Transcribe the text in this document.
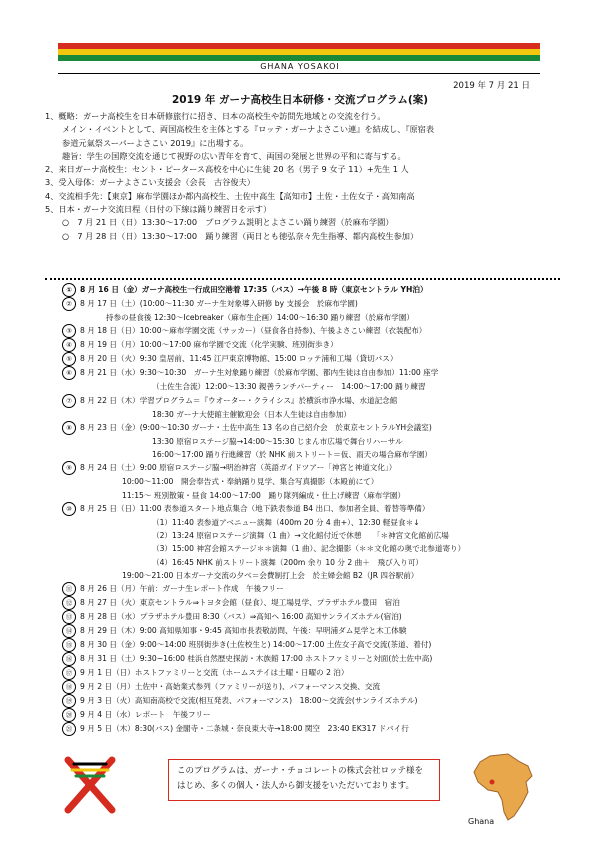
GHANA YOSAKOI
2019 年 7 月 21 日
2019 年 ガーナ高校生日本研修・交流プログラム(案)

1、概略：ガーナ高校生を日本研修旅行に招き、日本の高校生や訪問先地域との交流を行う。

メイン・イベントとして、両国高校生を主体とする『ロッテ・ガーナよさこい連』を結成し、『原宿表

参道元氣祭スーパーよさこい 2019』に出場する。

趣旨：学生の国際交流を通じて視野の広い青年を育て、両国の発展と世界の平和に寄与する。

2、来日ガーナ高校生：セント・ピータース高校を中心に生徒 20 名（男子 9 女子 11）+先生 1 人

3、受入母体：ガーナよさこい支援会（会長　古谷俊夫）

4、交流相手先：【東京】麻布学園ほか都内高校生、土佐中高生【高知市】土佐・土佐女子・高知南高

5、日本・ガーナ交流日程（日付の下線は踊り練習日を示す）

○　7 月 21 日（日）13:30～17:00　プログラム説明とよさこい踊り練習（於麻布学園）

○　7 月 28 日（日）13:30～17:00　踊り練習（両日とも徳弘奈々先生指導、都内高校生参加）

① 8 月 16 日（金）ガーナ高校生一行成田空港着 17:35（バス）→午後 8 時（東京セントラル YH泊）

② 8 月 17 日（土）(10:00～11:30 ガーナ生対象導入研修 by 支援会　於麻布学園)

持参の昼食後 12:30～Icebreaker（麻布生企画）14:00～16:30 踊り練習（於麻布学園）

③ 8 月 18 日（日）10:00～麻布学園交流（サッカー）（昼食各自持参)、午後よさこい練習（衣装配布）

④ 8 月 19 日（月）10:00～17:00 麻布学園で交流（化学実験、班別街歩き）

⑤ 8 月 20 日（火）9:30 皇居前、11:45 江戸東京博物館、15:00 ロッテ浦和工場（貸切バス）

⑥ 8 月 21 日（水）9:30～10:30　ガーナ生対象踊り練習（於麻布学園、都内生徒は自由参加）11:00 座学

（土佐生合流）12:00～13:30 親善ランチパーティー　14:00～17:00 踊り練習

⑦ 8 月 22 日（木）学習プログラム＝『ウオーター・クライシス』於横浜市浄水場、水道記念館

18:30 ガーナ大使館主催歓迎会（日本人生徒は自由参加）

⑧ 8 月 23 日（金）(9:00～10:30 ガーナ・土佐中高生 13 名の自己紹介会　於東京セントラルYH会議室)

13:30 原宿ロステージ脇→14:00～15:30 じまん市広場で舞台リハーサル

16:00～17:00 踊り行進練習（於 NHK 前ストリート＝仮、雨天の場合麻布学園）

⑨ 8 月 24 日（土）9:00 原宿ロステージ脇→明治神宮（英語ガイドツアー「神宮と神道文化」）

10:00～11:00　開会奉告式・奉納踊り見学、集合写真撮影（本殿前にて）

11:15～ 班別散策・昼食 14:00～17:00　踊り隊列編成・仕上げ練習（麻布学園）

⑩ 8 月 25 日（日）11:00 表参道スタート地点集合（地下鉄表参道 B4 出口、参加者全員、着替等準備）

（1）11:40 表参道アベニュー演舞（400m 20 分 4 曲+）、12:30 軽昼食＊↓

（2）13:24 原宿ロステージ演舞（1 曲）→文化館付近で休憩　　「＊神宮文化館前広場

（3）15:00 神宮会館ステージ＊＊演舞（1 曲）、記念撮影（＊＊文化館の奥で北参道寄り）

（4）16:45 NHK 前ストリート演舞（200m 余り 10 分 2 曲＋　飛び入り可）

19:00～21:00 日本ガーナ交流の夕べ＝会費制打上会　於主婦会館 B2（JR 四谷駅前）

⑪ 8 月 26 日（月）午前：ガーナ生レポート作成　午後フリー

⑫ 8 月 27 日（火）東京セントラル⇒トヨタ会館（昼食）、堤工場見学、プラザホテル豊田　宿泊

⑬ 8 月 28 日（水）プラザホテル豊田 8:30（バス）⇒高知へ 16:00 高知サンライズホテル(宿泊)

⑭ 8 月 29 日（木）9:00 高知県知事・9:45 高知市長表敬訪問、午後：早明浦ダム見学と木工体験

⑮ 8 月 30 日（金）9:00～14:00 班別街歩き(土佐校生と) 14:00～17:00 土佐女子高で交流(茶道、着付)

⑯ 8 月 31 日（土）9:30~16:00 桂浜自然歴史探訪・木族館 17:00 ホストファミリーと対面(於土佐中高)

⑰ 9 月 1 日（日）ホストファミリーと交流（ホームステイは土曜・日曜の 2 泊）

⑱ 9 月 2 日（月）土佐中・高始業式参列（ファミリーが送り)、パフォーマンス交換、交流

⑲ 9 月 3 日（火）高知南高校で交流(相互発表、パフォーマンス)　18:00～交流会(サンライズホテル)

⑳ 9 月 4 日（水）レポート　午後フリー

㉑ 9 月 5 日（木）8:30(バス) 金閣寺・二条城・奈良東大寺→18:00 関空　23:40 EK317 ドバイ行

このプログラムは、ガーナ・チョコレートの株式会社ロッテ様を
はじめ、多くの個人・法人から御支援をいただいております。
Ghana
